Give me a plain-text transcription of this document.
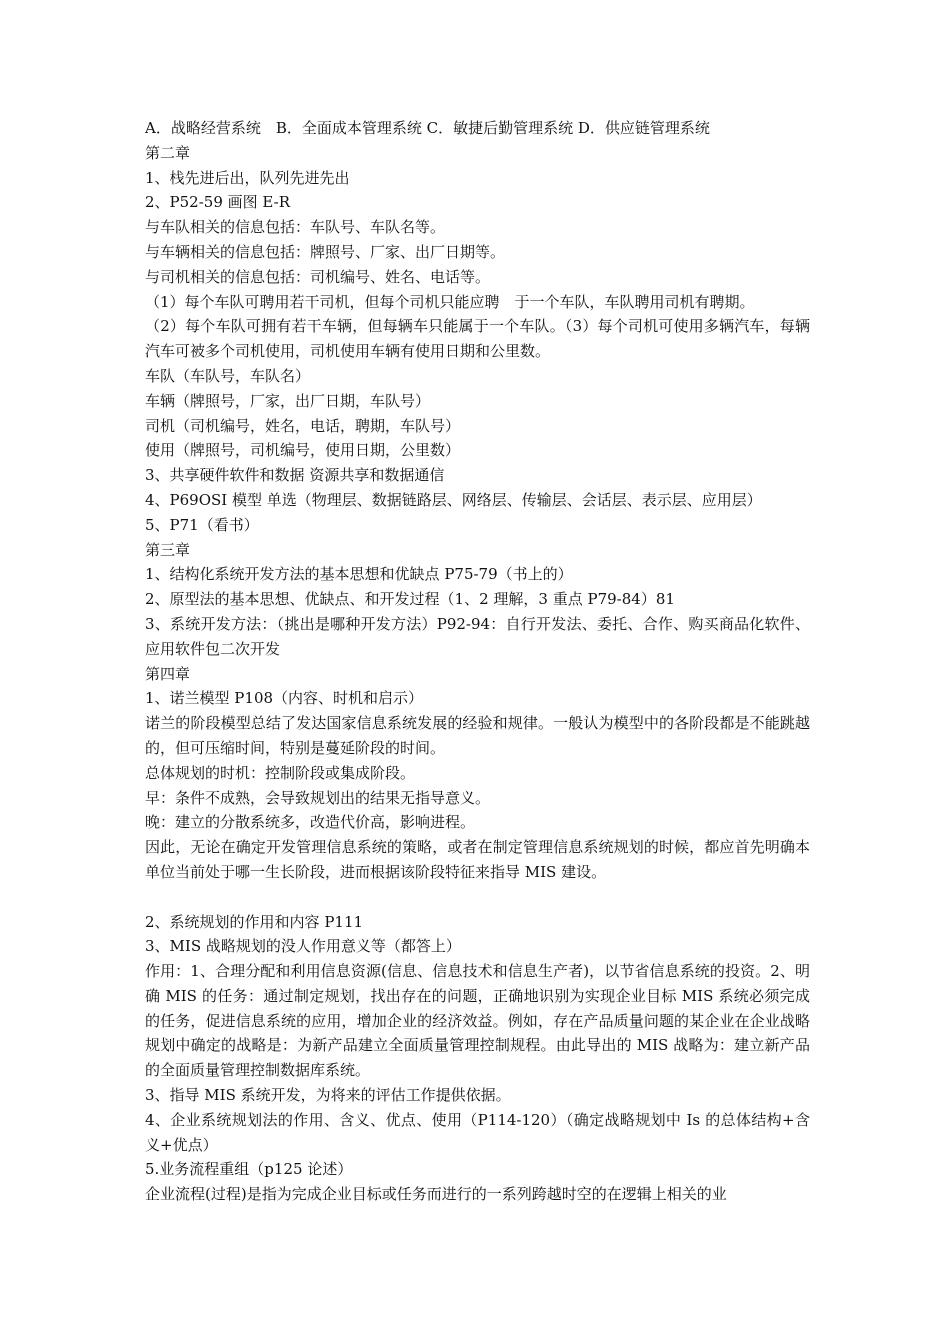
A．战略经营系统　B．全面成本管理系统 C．敏捷后勤管理系统 D．供应链管理系统
第二章
1、栈先进后出，队列先进先出
2、P52-59 画图 E-R
与车队相关的信息包括：车队号、车队名等。
与车辆相关的信息包括：牌照号、厂家、出厂日期等。
与司机相关的信息包括：司机编号、姓名、电话等。
（1）每个车队可聘用若干司机，但每个司机只能应聘　于一个车队，车队聘用司机有聘期。
（2）每个车队可拥有若干车辆，但每辆车只能属于一个车队。（3）每个司机可使用多辆汽车，每辆汽车可被多个司机使用，司机使用车辆有使用日期和公里数。
车队（车队号，车队名）
车辆（牌照号，厂家，出厂日期，车队号）
司机（司机编号，姓名，电话，聘期，车队号）
使用（牌照号，司机编号，使用日期，公里数）
3、共享硬件软件和数据 资源共享和数据通信
4、P69OSI 模型 单选（物理层、数据链路层、网络层、传输层、会话层、表示层、应用层）
5、P71（看书）
第三章
1、结构化系统开发方法的基本思想和优缺点 P75-79（书上的）
2、原型法的基本思想、优缺点、和开发过程（1、2 理解，3 重点 P79-84）81
3、系统开发方法：（挑出是哪种开发方法）P92-94：自行开发法、委托、合作、购买商品化软件、应用软件包二次开发
第四章
1、诺兰模型 P108（内容、时机和启示）
诺兰的阶段模型总结了发达国家信息系统发展的经验和规律。一般认为模型中的各阶段都是不能跳越的，但可压缩时间，特别是蔓延阶段的时间。
总体规划的时机：控制阶段或集成阶段。
早：条件不成熟，会导致规划出的结果无指导意义。
晚：建立的分散系统多，改造代价高，影响进程。
因此，无论在确定开发管理信息系统的策略，或者在制定管理信息系统规划的时候，都应首先明确本单位当前处于哪一生长阶段，进而根据该阶段特征来指导 MIS 建设。
2、系统规划的作用和内容 P111
3、MIS 战略规划的没人作用意义等（都答上）
作用：1、合理分配和利用信息资源(信息、信息技术和信息生产者)，以节省信息系统的投资。2、明确 MIS 的任务：通过制定规划，找出存在的问题，正确地识别为实现企业目标 MIS 系统必须完成的任务，促进信息系统的应用，增加企业的经济效益。例如，存在产品质量问题的某企业在企业战略规划中确定的战略是：为新产品建立全面质量管理控制规程。由此导出的 MIS 战略为：建立新产品的全面质量管理控制数据库系统。
3、指导 MIS 系统开发，为将来的评估工作提供依据。
4、企业系统规划法的作用、含义、优点、使用（P114-120）（确定战略规划中 Is 的总体结构+含义+优点）
5.业务流程重组（p125 论述）
企业流程(过程)是指为完成企业目标或任务而进行的一系列跨越时空的在逻辑上相关的业
